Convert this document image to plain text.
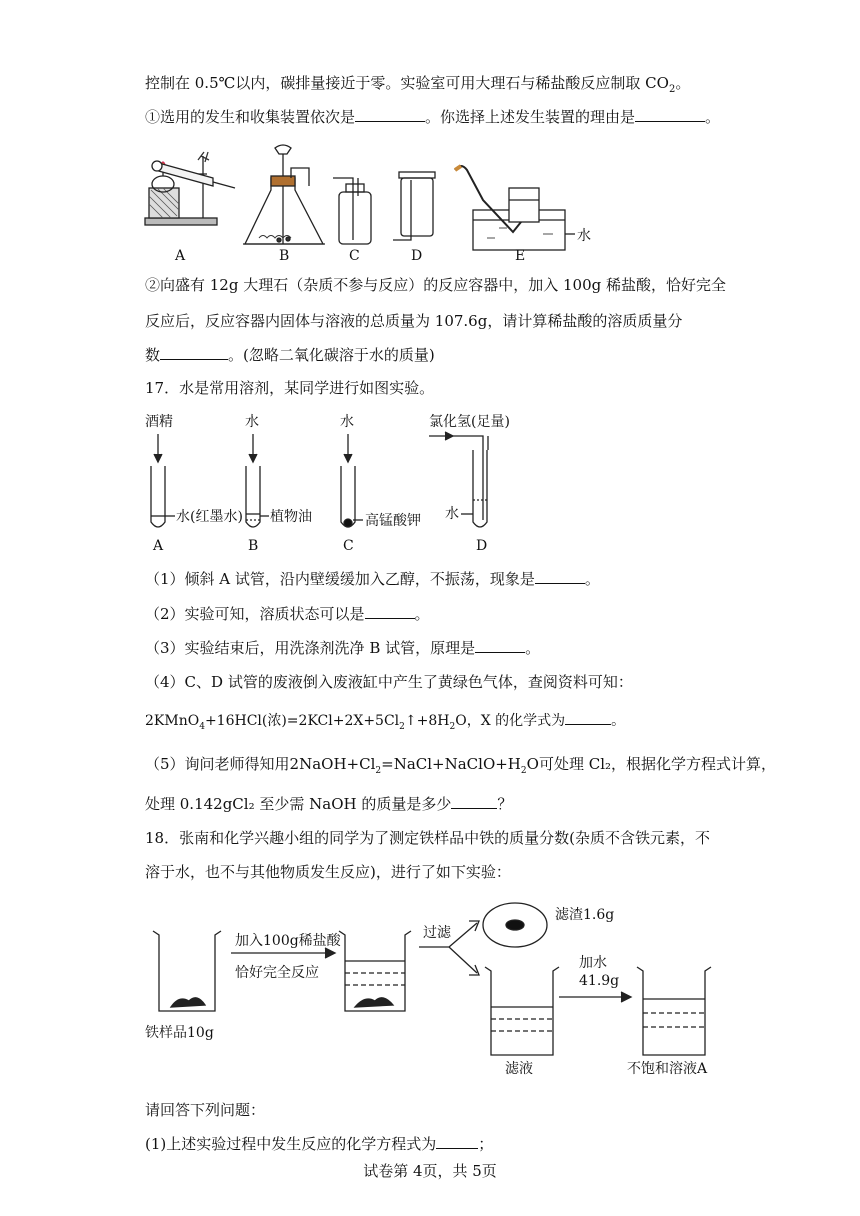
控制在 0.5℃以内，碳排量接近于零。实验室可用大理石与稀盐酸反应制取 $CO_2$。
①选用的发生和收集装置依次是	。你选择上述发生装置的理由是	。
A	B	C	D	E
水
②向盛有 12g 大理石（杂质不参与反应）的反应容器中，加入 100g 稀盐酸，恰好完全
反应后，反应容器内固体与溶液的总质量为 107.6g，请计算稀盐酸的溶质质量分
数	。(忽略二氧化碳溶于水的质量)
17．水是常用溶剂，某同学进行如图实验。
酒精	水	水	氯化氢(足量)
水(红墨水) 植物油	高锰酸钾 水
A	B	C	D
（1）倾斜 A 试管，沿内壁缓缓加入乙醇，不振荡，现象是	。
（2）实验可知，溶质状态可以是	。
（3）实验结束后，用洗涤剂洗净 B 试管，原理是	。
（4）C、D 试管的废液倒入废液缸中产生了黄绿色气体，查阅资料可知：
2KMnO$_4$+16HCl(浓)$=2KCl+2X+5Cl_2↑+8H_2O$，X 的化学式为	。
（5）询问老师得知用$2NaOH+Cl_2=NaCl+NaClO+H_2O$可处理 Cl₂，根据化学方程式计算，
处理 0.142gCl₂ 至少需 NaOH 的质量是多少	？
18．张南和化学兴趣小组的同学为了测定铁样品中铁的质量分数(杂质不含铁元素，不
溶于水，也不与其他物质发生反应)，进行了如下实验：
加入100g稀盐酸
恰好完全反应
过滤
滤渣1.6g
加水
41.9g
铁样品10g
滤液	不饱和溶液A
请回答下列问题：
(1)上述实验过程中发生反应的化学方程式为	；
试卷第 4页，共 5页
